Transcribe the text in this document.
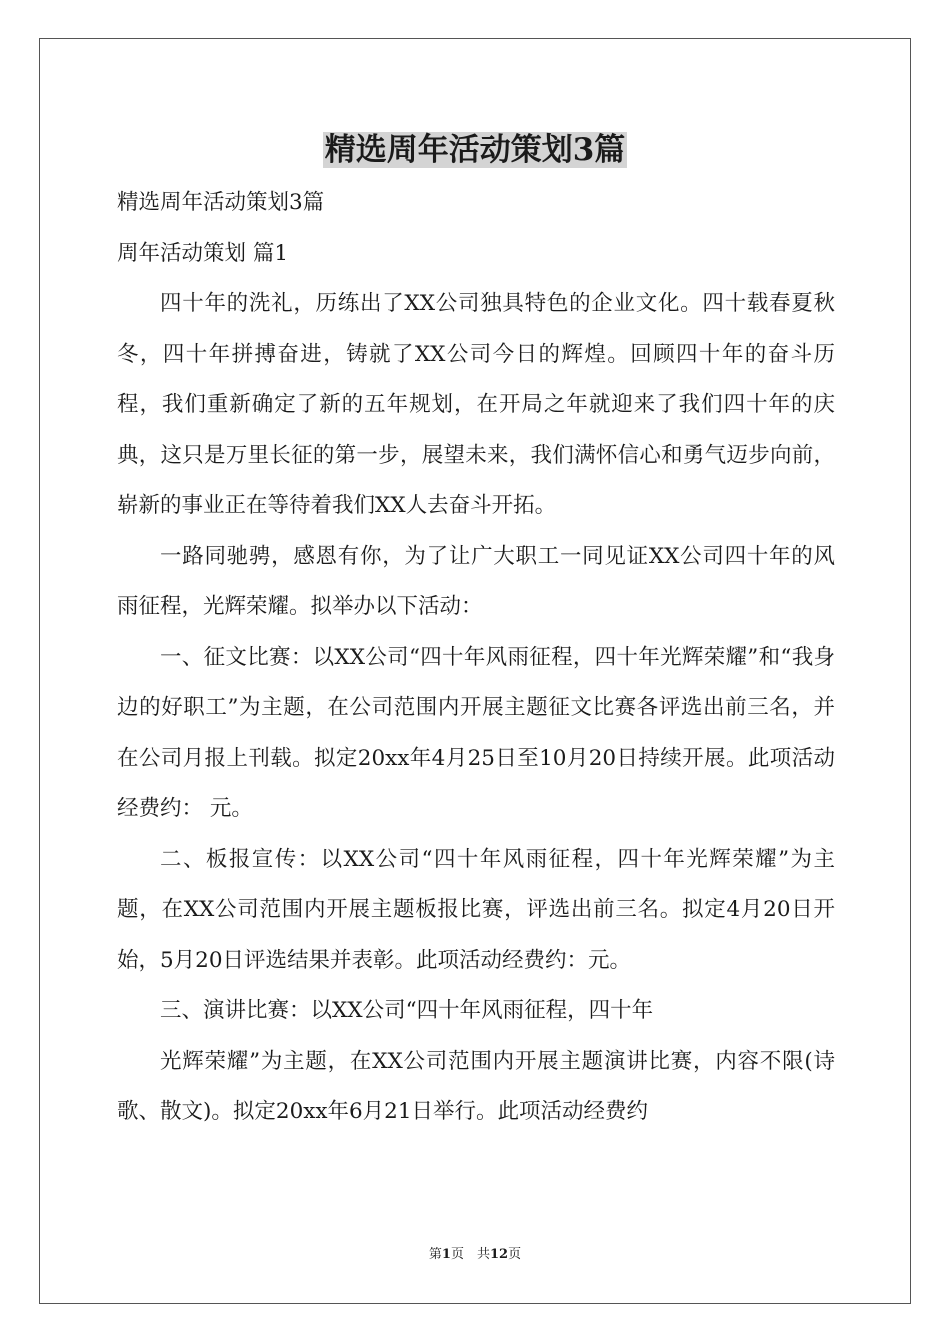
精选周年活动策划3篇

精选周年活动策划3篇

周年活动策划 篇1

四十年的洗礼，历练出了XX公司独具特色的企业文化。四十载春夏秋冬，四十年拼搏奋进，铸就了XX公司今日的辉煌。回顾四十年的奋斗历程，我们重新确定了新的五年规划，在开局之年就迎来了我们四十年的庆典，这只是万里长征的第一步，展望未来，我们满怀信心和勇气迈步向前，崭新的事业正在等待着我们XX人去奋斗开拓。

一路同驰骋，感恩有你，为了让广大职工一同见证XX公司四十年的风雨征程，光辉荣耀。拟举办以下活动：

一、征文比赛：以XX公司“四十年风雨征程，四十年光辉荣耀”和“我身边的好职工”为主题，在公司范围内开展主题征文比赛各评选出前三名，并在公司月报上刊载。拟定20xx年4月25日至10月20日持续开展。此项活动经费约： 元。

二、板报宣传：以XX公司“四十年风雨征程，四十年光辉荣耀”为主题，在XX公司范围内开展主题板报比赛，评选出前三名。拟定4月20日开始，5月20日评选结果并表彰。此项活动经费约：元。

三、演讲比赛：以XX公司“四十年风雨征程，四十年

光辉荣耀”为主题，在XX公司范围内开展主题演讲比赛，内容不限(诗歌、散文)。拟定20xx年6月21日举行。此项活动经费约

第1页　共12页
